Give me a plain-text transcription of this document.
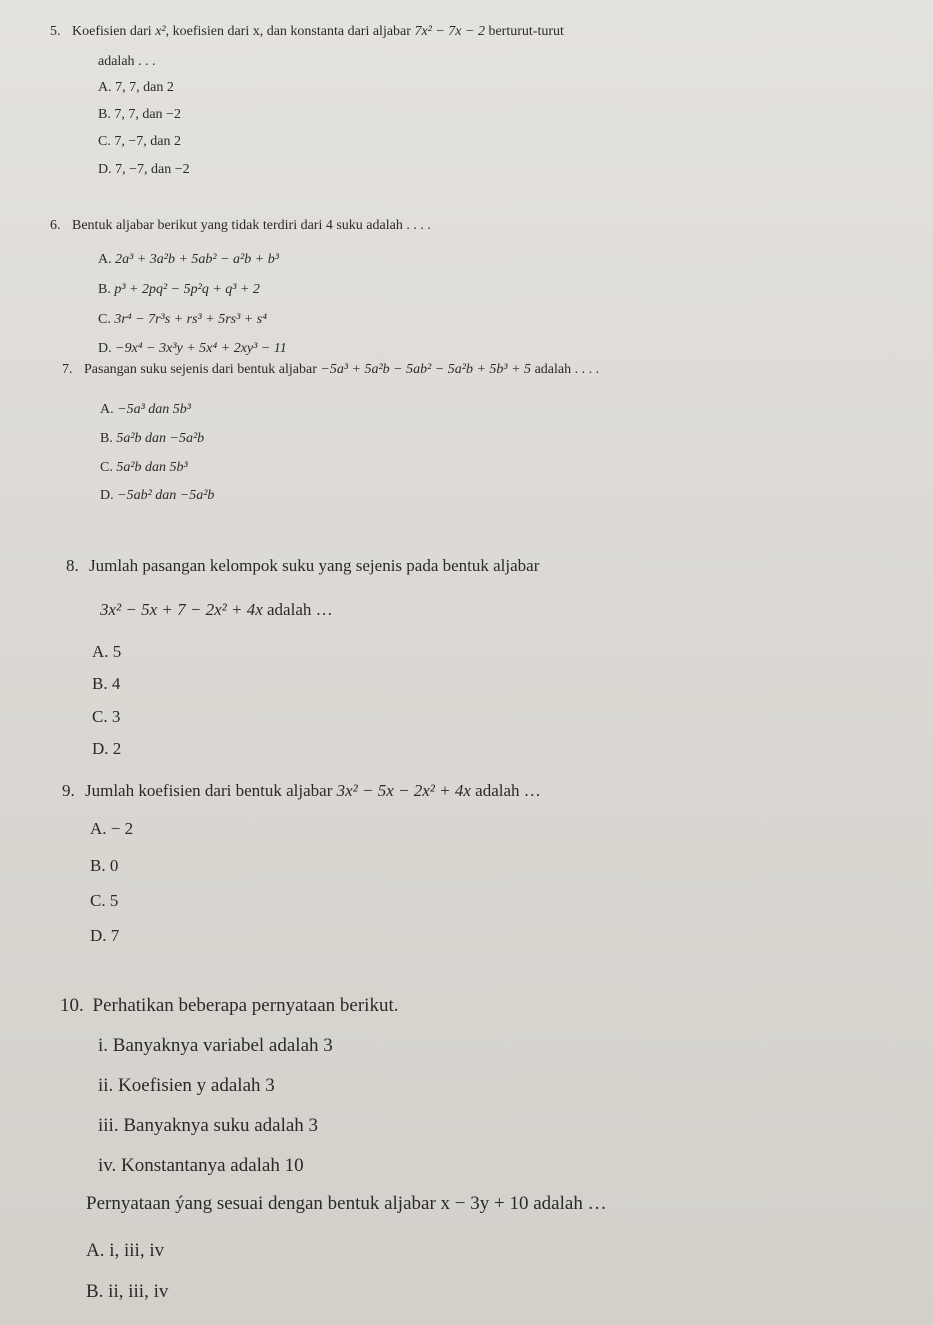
5. Koefisien dari x², koefisien dari x, dan konstanta dari aljabar 7x² − 7x − 2 berturut-turut
adalah . . .
A. 7, 7, dan 2
B. 7, 7, dan −2
C. 7, −7, dan 2
D. 7, −7, dan −2
6. Bentuk aljabar berikut yang tidak terdiri dari 4 suku adalah . . . .
A. 2a³ + 3a²b + 5ab² − a²b + b³
B. p³ + 2pq² − 5p²q + q³ + 2
C. 3r⁴ − 7r³s + rs³ + 5rs³ + s⁴
D. −9x⁴ − 3x³y + 5x⁴ + 2xy³ − 11
7. Pasangan suku sejenis dari bentuk aljabar −5a³ + 5a²b − 5ab² − 5a²b + 5b³ + 5 adalah . . . .
A. −5a³ dan 5b³
B. 5a²b dan −5a²b
C. 5a²b dan 5b³
D. −5ab² dan −5a²b
8. Jumlah pasangan kelompok suku yang sejenis pada bentuk aljabar
3x² − 5x + 7 − 2x² + 4x adalah …
A. 5
B. 4
C. 3
D. 2
9. Jumlah koefisien dari bentuk aljabar 3x² − 5x − 2x² + 4x adalah …
A. − 2
B. 0
C. 5
D. 7
10. Perhatikan beberapa pernyataan berikut.
i. Banyaknya variabel adalah 3
ii. Koefisien y adalah 3
iii. Banyaknya suku adalah 3
iv. Konstantanya adalah 10
Pernyataan ýang sesuai dengan bentuk aljabar x − 3y + 10 adalah …
A. i, iii, iv
B. ii, iii, iv
